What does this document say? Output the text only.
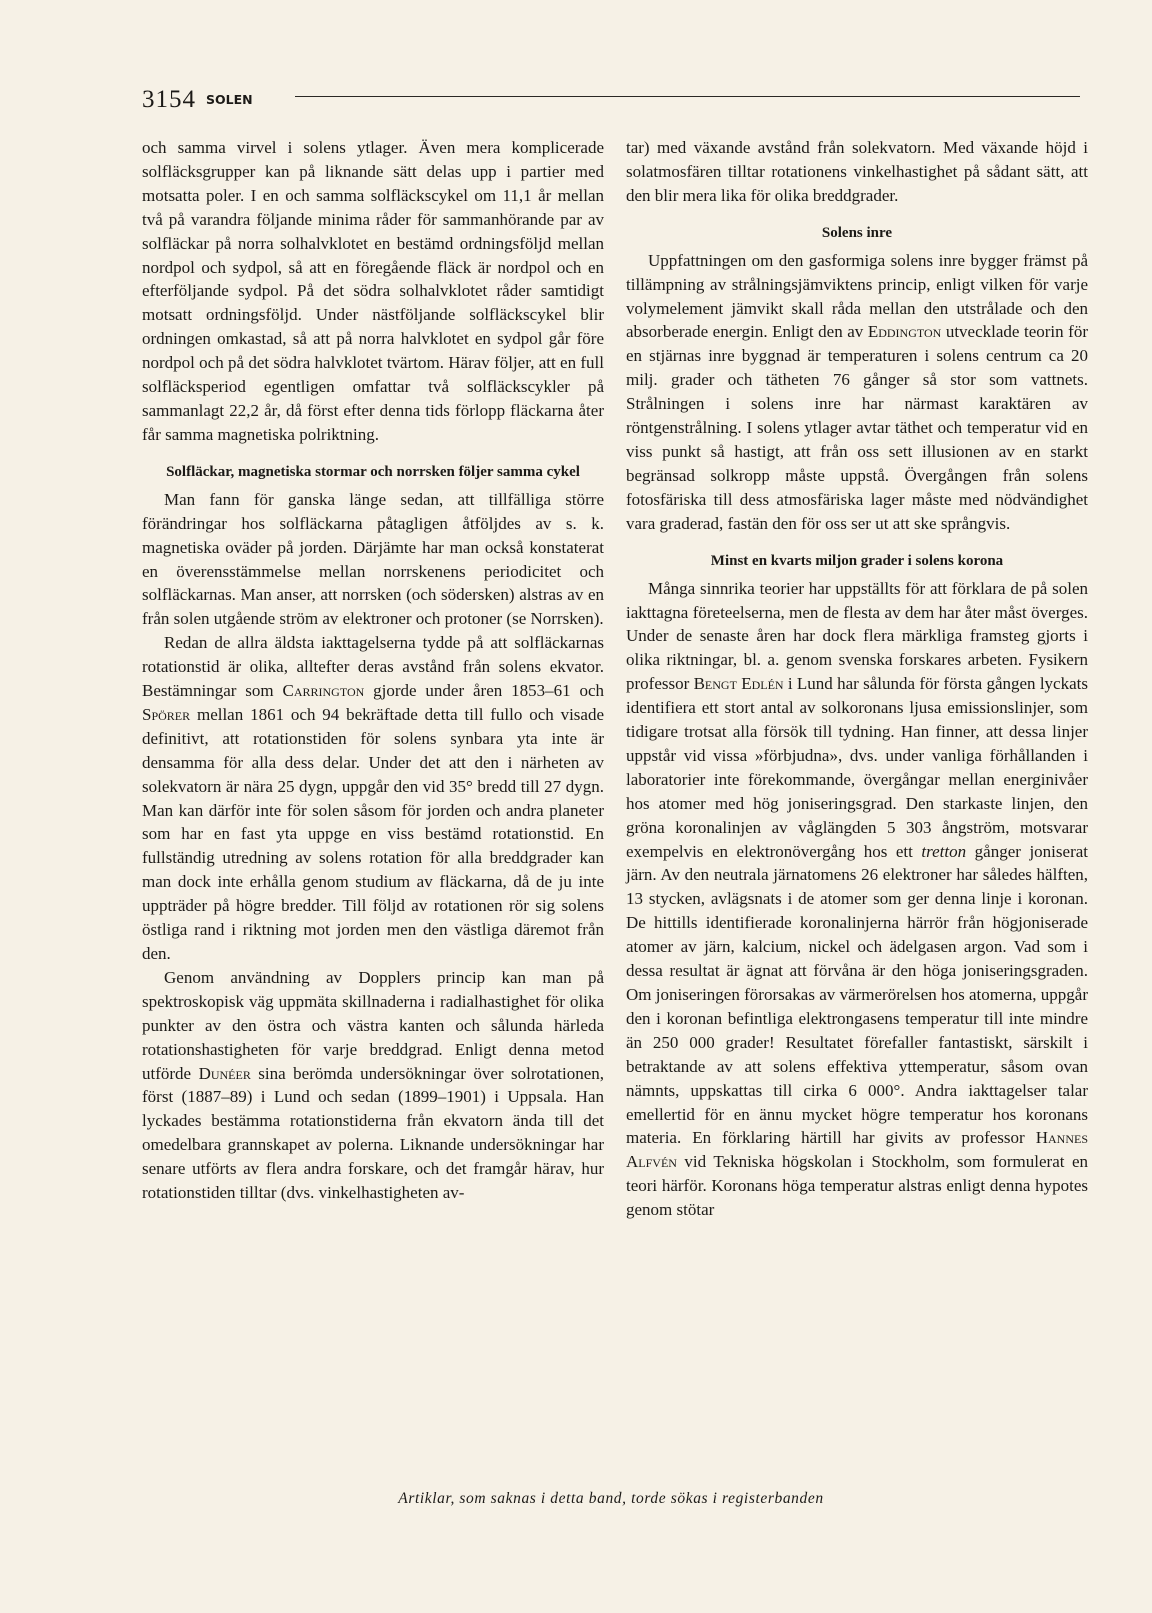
3154 SOLEN

och samma virvel i solens ytlager. Även mera komplicerade solfläcksgrupper kan på liknande sätt delas upp i partier med motsatta poler. I en och samma solfläckscykel om 11,1 år mellan två på varandra följande minima råder för sammanhörande par av solfläckar på norra solhalvklotet en bestämd ordningsföljd mellan nordpol och sydpol, så att en föregående fläck är nordpol och en efterföljande sydpol. På det södra solhalvklotet råder samtidigt motsatt ordningsföljd. Under nästföljande solfläckscykel blir ordningen omkastad, så att på norra halvklotet en sydpol går före nordpol och på det södra halvklotet tvärtom. Härav följer, att en full solfläcksperiod egentligen omfattar två solfläckscykler på sammanlagt 22,2 år, då först efter denna tids förlopp fläckarna åter får samma magnetiska polriktning.

Solfläckar, magnetiska stormar och norrsken följer samma cykel

Man fann för ganska länge sedan, att tillfälliga större förändringar hos solfläckarna påtagligen åtföljdes av s. k. magnetiska oväder på jorden. Därjämte har man också konstaterat en överensstämmelse mellan norrskenens periodicitet och solfläckarnas. Man anser, att norrsken (och södersken) alstras av en från solen utgående ström av elektroner och protoner (se Norrsken).

Redan de allra äldsta iakttagelserna tydde på att solfläckarnas rotationstid är olika, alltefter deras avstånd från solens ekvator. Bestämningar som Carrington gjorde under åren 1853–61 och Spörer mellan 1861 och 94 bekräftade detta till fullo och visade definitivt, att rotationstiden för solens synbara yta inte är densamma för alla dess delar. Under det att den i närheten av solekvatorn är nära 25 dygn, uppgår den vid 35° bredd till 27 dygn. Man kan därför inte för solen såsom för jorden och andra planeter som har en fast yta uppge en viss bestämd rotationstid. En fullständig utredning av solens rotation för alla breddgrader kan man dock inte erhålla genom studium av fläckarna, då de ju inte uppträder på högre bredder. Till följd av rotationen rör sig solens östliga rand i riktning mot jorden men den västliga däremot från den.

Genom användning av Dopplers princip kan man på spektroskopisk väg uppmäta skillnaderna i radialhastighet för olika punkter av den östra och västra kanten och sålunda härleda rotationshastigheten för varje breddgrad. Enligt denna metod utförde Dunéer sina berömda undersökningar över solrotationen, först (1887–89) i Lund och sedan (1899–1901) i Uppsala. Han lyckades bestämma rotationstiderna från ekvatorn ända till det omedelbara grannskapet av polerna. Liknande undersökningar har senare utförts av flera andra forskare, och det framgår härav, hur rotationstiden tilltar (dvs. vinkelhastigheten av-

tar) med växande avstånd från solekvatorn. Med växande höjd i solatmosfären tilltar rotationens vinkelhastighet på sådant sätt, att den blir mera lika för olika breddgrader.

Solens inre

Uppfattningen om den gasformiga solens inre bygger främst på tillämpning av strålningsjämviktens princip, enligt vilken för varje volymelement jämvikt skall råda mellan den utstrålade och den absorberade energin. Enligt den av Eddington utvecklade teorin för en stjärnas inre byggnad är temperaturen i solens centrum ca 20 milj. grader och tätheten 76 gånger så stor som vattnets. Strålningen i solens inre har närmast karaktären av röntgenstrålning. I solens ytlager avtar täthet och temperatur vid en viss punkt så hastigt, att från oss sett illusionen av en starkt begränsad solkropp måste uppstå. Övergången från solens fotosfäriska till dess atmosfäriska lager måste med nödvändighet vara graderad, fastän den för oss ser ut att ske språngvis.

Minst en kvarts miljon grader i solens korona

Många sinnrika teorier har uppställts för att förklara de på solen iakttagna företeelserna, men de flesta av dem har åter måst överges. Under de senaste åren har dock flera märkliga framsteg gjorts i olika riktningar, bl. a. genom svenska forskares arbeten. Fysikern professor Bengt Edlén i Lund har sålunda för första gången lyckats identifiera ett stort antal av solkoronans ljusa emissionslinjer, som tidigare trotsat alla försök till tydning. Han finner, att dessa linjer uppstår vid vissa »förbjudna», dvs. under vanliga förhållanden i laboratorier inte förekommande, övergångar mellan energinivåer hos atomer med hög joniseringsgrad. Den starkaste linjen, den gröna koronalinjen av våglängden 5 303 ångström, motsvarar exempelvis en elektronövergång hos ett tretton gånger joniserat järn. Av den neutrala järnatomens 26 elektroner har således hälften, 13 stycken, avlägsnats i de atomer som ger denna linje i koronan. De hittills identifierade koronalinjerna härrör från högjoniserade atomer av järn, kalcium, nickel och ädelgasen argon. Vad som i dessa resultat är ägnat att förvåna är den höga joniseringsgraden. Om joniseringen förorsakas av värmerörelsen hos atomerna, uppgår den i koronan befintliga elektrongasens temperatur till inte mindre än 250 000 grader! Resultatet förefaller fantastiskt, särskilt i betraktande av att solens effektiva yttemperatur, såsom ovan nämnts, uppskattas till cirka 6 000°. Andra iakttagelser talar emellertid för en ännu mycket högre temperatur hos koronans materia. En förklaring härtill har givits av professor Hannes Alfvén vid Tekniska högskolan i Stockholm, som formulerat en teori härför. Koronans höga temperatur alstras enligt denna hypotes genom stötar

Artiklar, som saknas i detta band, torde sökas i registerbanden
